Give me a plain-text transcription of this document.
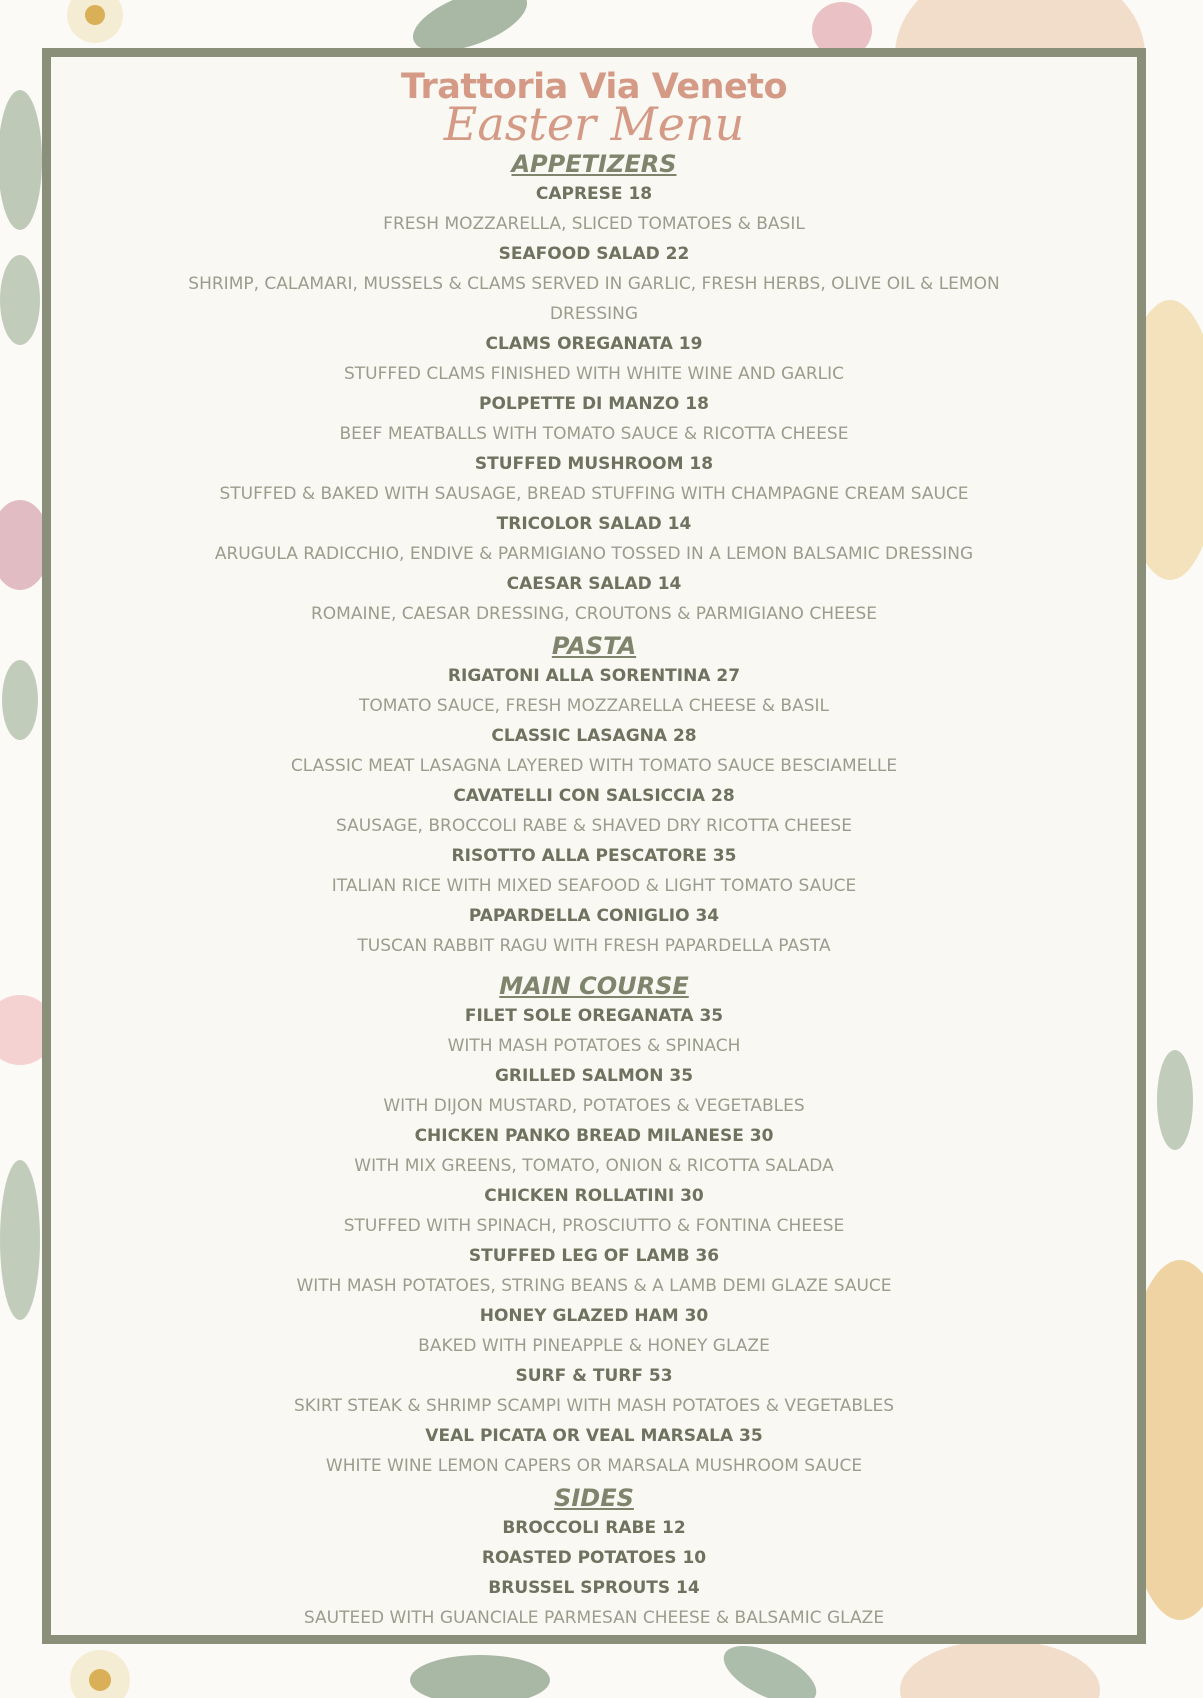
Trattoria Via Veneto
Easter Menu
APPETIZERS
CAPRESE 18
FRESH MOZZARELLA, SLICED TOMATOES & BASIL
SEAFOOD SALAD 22
SHRIMP, CALAMARI, MUSSELS & CLAMS SERVED IN GARLIC, FRESH HERBS, OLIVE OIL & LEMON DRESSING
CLAMS OREGANATA 19
STUFFED CLAMS FINISHED WITH WHITE WINE AND GARLIC
POLPETTE DI MANZO 18
BEEF MEATBALLS WITH TOMATO SAUCE & RICOTTA CHEESE
STUFFED MUSHROOM 18
STUFFED & BAKED WITH SAUSAGE, BREAD STUFFING WITH CHAMPAGNE CREAM SAUCE
TRICOLOR SALAD 14
ARUGULA RADICCHIO, ENDIVE & PARMIGIANO TOSSED IN A LEMON BALSAMIC DRESSING
CAESAR SALAD 14
ROMAINE, CAESAR DRESSING, CROUTONS & PARMIGIANO CHEESE
PASTA
RIGATONI ALLA SORENTINA 27
TOMATO SAUCE, FRESH MOZZARELLA CHEESE & BASIL
CLASSIC LASAGNA 28
CLASSIC MEAT LASAGNA LAYERED WITH TOMATO SAUCE BESCIAMELLE
CAVATELLI CON SALSICCIA 28
SAUSAGE, BROCCOLI RABE & SHAVED DRY RICOTTA CHEESE
RISOTTO ALLA PESCATORE 35
ITALIAN RICE WITH MIXED SEAFOOD & LIGHT TOMATO SAUCE
PAPARDELLA CONIGLIO 34
TUSCAN RABBIT RAGU WITH FRESH PAPARDELLA PASTA
MAIN COURSE
FILET SOLE OREGANATA 35
WITH MASH POTATOES & SPINACH
GRILLED SALMON 35
WITH DIJON MUSTARD, POTATOES & VEGETABLES
CHICKEN PANKO BREAD MILANESE 30
WITH MIX GREENS, TOMATO, ONION & RICOTTA SALADA
CHICKEN ROLLATINI 30
STUFFED WITH SPINACH, PROSCIUTTO & FONTINA CHEESE
STUFFED LEG OF LAMB 36
WITH MASH POTATOES, STRING BEANS & A LAMB DEMI GLAZE SAUCE
HONEY GLAZED HAM 30
BAKED WITH PINEAPPLE & HONEY GLAZE
SURF & TURF 53
SKIRT STEAK & SHRIMP SCAMPI WITH MASH POTATOES & VEGETABLES
VEAL PICATA OR VEAL MARSALA 35
WHITE WINE LEMON CAPERS OR MARSALA MUSHROOM SAUCE
SIDES
BROCCOLI RABE 12
ROASTED POTATOES 10
BRUSSEL SPROUTS 14
SAUTEED WITH GUANCIALE PARMESAN CHEESE & BALSAMIC GLAZE
